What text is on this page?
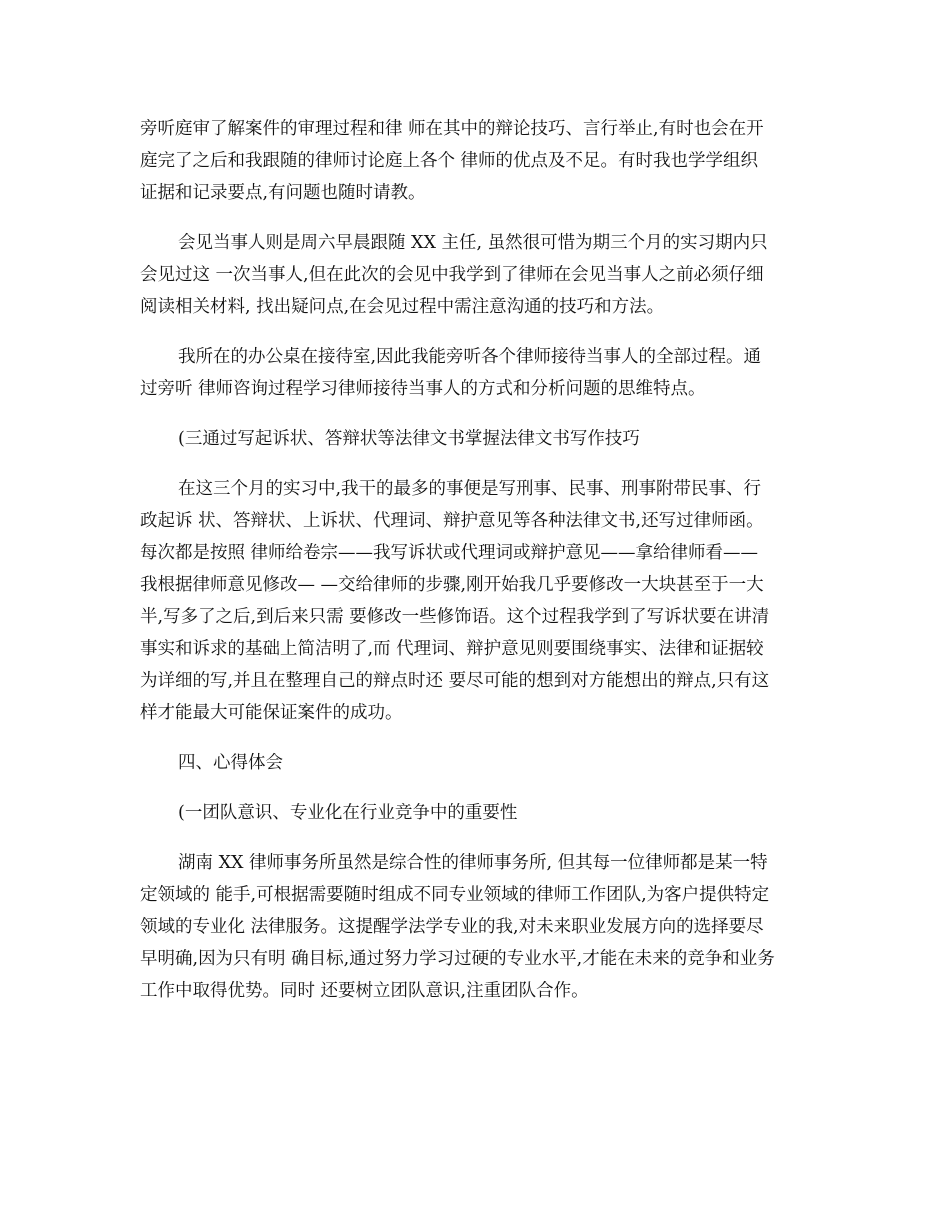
旁听庭审了解案件的审理过程和律 师在其中的辩论技巧、言行举止,有时也会在开
庭完了之后和我跟随的律师讨论庭上各个 律师的优点及不足。有时我也学学组织
证据和记录要点,有问题也随时请教。

会见当事人则是周六早晨跟随 XX 主任, 虽然很可惜为期三个月的实习期内只
会见过这 一次当事人,但在此次的会见中我学到了律师在会见当事人之前必须仔细
阅读相关材料, 找出疑问点,在会见过程中需注意沟通的技巧和方法。

我所在的办公桌在接待室,因此我能旁听各个律师接待当事人的全部过程。通
过旁听 律师咨询过程学习律师接待当事人的方式和分析问题的思维特点。

(三通过写起诉状、答辩状等法律文书掌握法律文书写作技巧

在这三个月的实习中,我干的最多的事便是写刑事、民事、刑事附带民事、行
政起诉 状、答辩状、上诉状、代理词、辩护意见等各种法律文书,还写过律师函。
每次都是按照 律师给卷宗——我写诉状或代理词或辩护意见——拿给律师看——
我根据律师意见修改— —交给律师的步骤,刚开始我几乎要修改一大块甚至于一大
半,写多了之后,到后来只需 要修改一些修饰语。这个过程我学到了写诉状要在讲清
事实和诉求的基础上简洁明了,而 代理词、辩护意见则要围绕事实、法律和证据较
为详细的写,并且在整理自己的辩点时还 要尽可能的想到对方能想出的辩点,只有这
样才能最大可能保证案件的成功。

四、心得体会

(一团队意识、专业化在行业竞争中的重要性

湖南 XX 律师事务所虽然是综合性的律师事务所, 但其每一位律师都是某一特
定领域的 能手,可根据需要随时组成不同专业领域的律师工作团队,为客户提供特定
领域的专业化 法律服务。这提醒学法学专业的我,对未来职业发展方向的选择要尽
早明确,因为只有明 确目标,通过努力学习过硬的专业水平,才能在未来的竞争和业务
工作中取得优势。同时 还要树立团队意识,注重团队合作。
